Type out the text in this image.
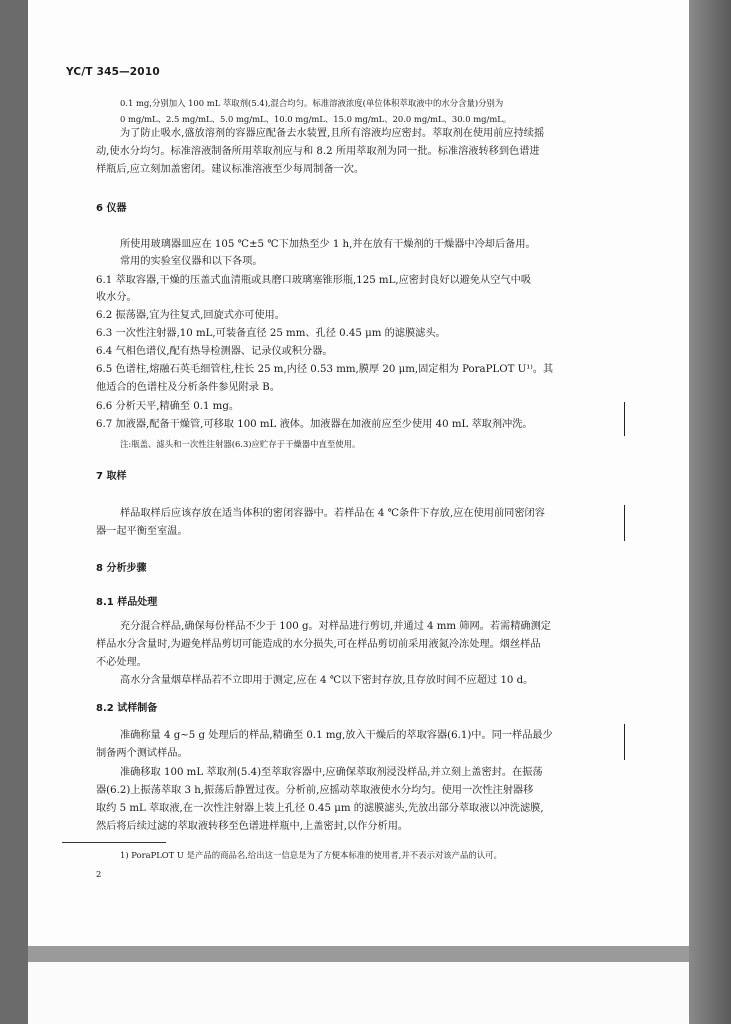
YC/T 345—2010
0.1 mg,分别加入 100 mL 萃取剂(5.4),混合均匀。标准溶液浓度(单位体积萃取液中的水分含量)分别为
0 mg/mL、2.5 mg/mL、5.0 mg/mL、10.0 mg/mL、15.0 mg/mL、20.0 mg/mL、30.0 mg/mL。
为了防止吸水,盛放溶剂的容器应配备去水装置,且所有溶液均应密封。萃取剂在使用前应持续摇
动,使水分均匀。标准溶液制备所用萃取剂应与和 8.2 所用萃取剂为同一批。标准溶液转移到色谱进
样瓶后,应立刻加盖密闭。建议标准溶液至少每周制备一次。
6 仪器
所使用玻璃器皿应在 105 ℃±5 ℃下加热至少 1 h,并在放有干燥剂的干燥器中冷却后备用。
常用的实验室仪器和以下各项。
6.1 萃取容器,干燥的压盖式血清瓶或具磨口玻璃塞锥形瓶,125 mL,应密封良好以避免从空气中吸
收水分。
6.2 振荡器,宜为往复式,回旋式亦可使用。
6.3 一次性注射器,10 mL,可装备直径 25 mm、孔径 0.45 μm 的滤膜滤头。
6.4 气相色谱仪,配有热导检测器、记录仪或积分器。
6.5 色谱柱,熔融石英毛细管柱,柱长 25 m,内径 0.53 mm,膜厚 20 μm,固定相为 PoraPLOT U¹⁾。其
他适合的色谱柱及分析条件参见附录 B。
6.6 分析天平,精确至 0.1 mg。
6.7 加液器,配备干燥管,可移取 100 mL 液体。加液器在加液前应至少使用 40 mL 萃取剂冲洗。
注:瓶盖、滤头和一次性注射器(6.3)应贮存于干燥器中直至使用。
7 取样
样品取样后应该存放在适当体积的密闭容器中。若样品在 4 ℃条件下存放,应在使用前同密闭容
器一起平衡至室温。
8 分析步骤
8.1 样品处理
充分混合样品,确保每份样品不少于 100 g。对样品进行剪切,并通过 4 mm 筛网。若需精确测定
样品水分含量时,为避免样品剪切可能造成的水分损失,可在样品剪切前采用液氮冷冻处理。烟丝样品
不必处理。
高水分含量烟草样品若不立即用于测定,应在 4 ℃以下密封存放,且存放时间不应超过 10 d。
8.2 试样制备
准确称量 4 g~5 g 处理后的样品,精确至 0.1 mg,放入干燥后的萃取容器(6.1)中。同一样品最少
制备两个测试样品。
准确移取 100 mL 萃取剂(5.4)至萃取容器中,应确保萃取剂浸没样品,并立刻上盖密封。在振荡
器(6.2)上振荡萃取 3 h,振荡后静置过夜。分析前,应摇动萃取液使水分均匀。使用一次性注射器移
取约 5 mL 萃取液,在一次性注射器上装上孔径 0.45 μm 的滤膜滤头,先放出部分萃取液以冲洗滤膜,
然后将后续过滤的萃取液转移至色谱进样瓶中,上盖密封,以作分析用。
1) PoraPLOT U 是产品的商品名,给出这一信息是为了方便本标准的使用者,并不表示对该产品的认可。
2
